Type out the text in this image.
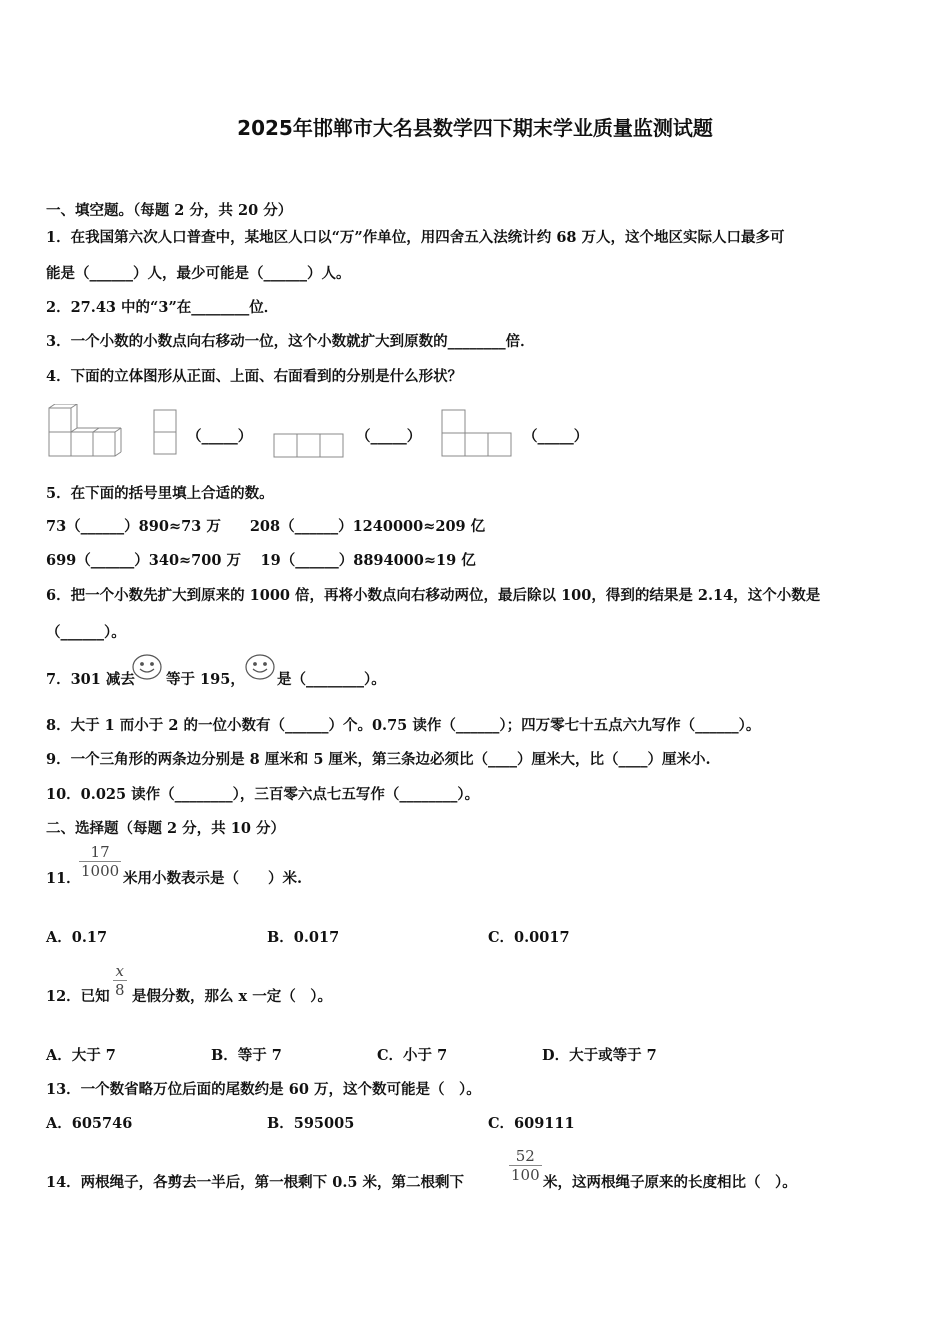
2025年邯郸市大名县数学四下期末学业质量监测试题
一、填空题。（每题 2 分，共 20 分）
1．在我国第六次人口普查中，某地区人口以“万”作单位，用四舍五入法统计约 68 万人，这个地区实际人口最多可
能是（______）人，最少可能是（______）人。
2．27.43 中的“3”在________位．
3．一个小数的小数点向右移动一位，这个小数就扩大到原数的________倍．
4．下面的立体图形从正面、上面、右面看到的分别是什么形状？
（_____）	（_____）	（_____）
5．在下面的括号里填上合适的数。
73（______）890≈73 万　　208（______）1240000≈209 亿
699（______）340≈700 万　 19（______）8894000≈19 亿
6．把一个小数先扩大到原来的 1000 倍，再将小数点向右移动两位，最后除以 100，得到的结果是 2.14，这个小数是
（______）。
7．301 减去 等于 195， 是（________）。
8．大于 1 而小于 2 的一位小数有（______）个。0.75 读作（______）；四万零七十五点六九写作（______）。
9．一个三角形的两条边分别是 8 厘米和 5 厘米，第三条边必须比（____）厘米大，比（____）厘米小.
10．0.025 读作（________），三百零六点七五写作（________）。
二、选择题（每题 2 分，共 10 分）
11．
17
1000 米用小数表示是（　　）米.
A．0.17	B．0.017	C．0.0017
12．已知
x
8 是假分数，那么 x 一定（　）。
A．大于 7	B．等于 7	C．小于 7	D．大于或等于 7
13．一个数省略万位后面的尾数约是 60 万，这个数可能是（　）。
A．605746	B．595005	C．609111
14．两根绳子，各剪去一半后，第一根剩下 0.5 米，第二根剩下
52
100 米，这两根绳子原来的长度相比（　）。
